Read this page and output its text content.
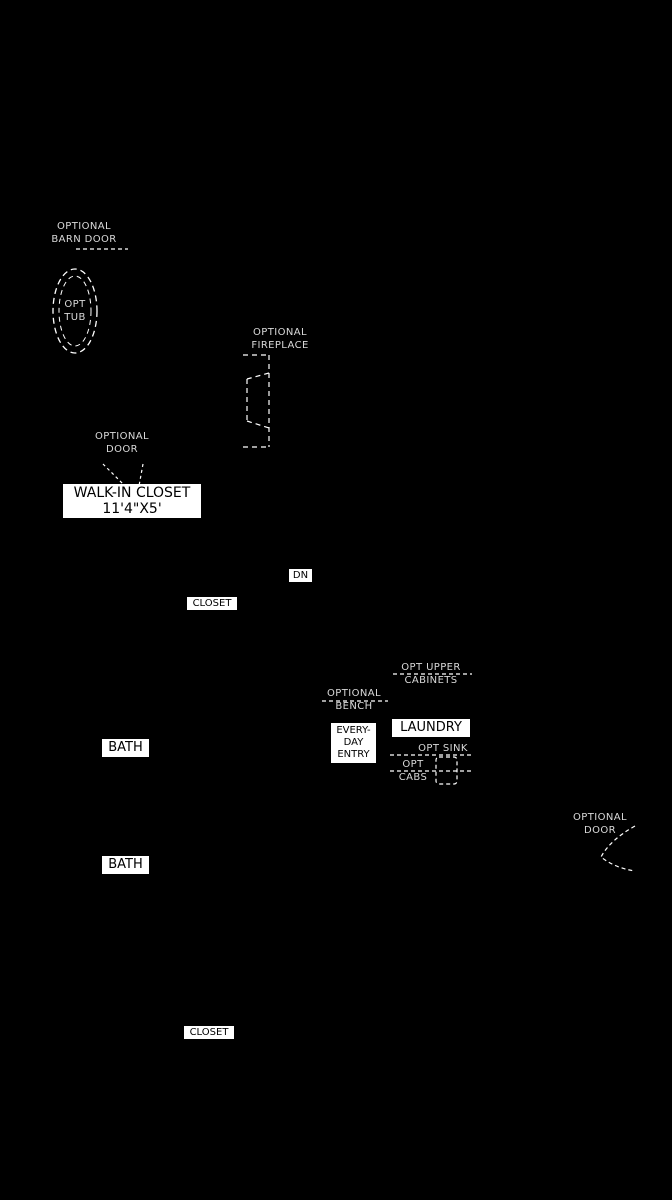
OPTIONAL
BARN DOOR
OPT
TUB
OPTIONAL
FIREPLACE
OPTIONAL
DOOR
OPT UPPER
CABINETS
OPTIONAL
BENCH
OPT SINK
OPT
CABS
OPTIONAL
DOOR
WALK-IN CLOSET
11'4"X5'
DN
CLOSET
LAUNDRY
EVERY-
DAY
ENTRY
BATH
BATH
CLOSET
